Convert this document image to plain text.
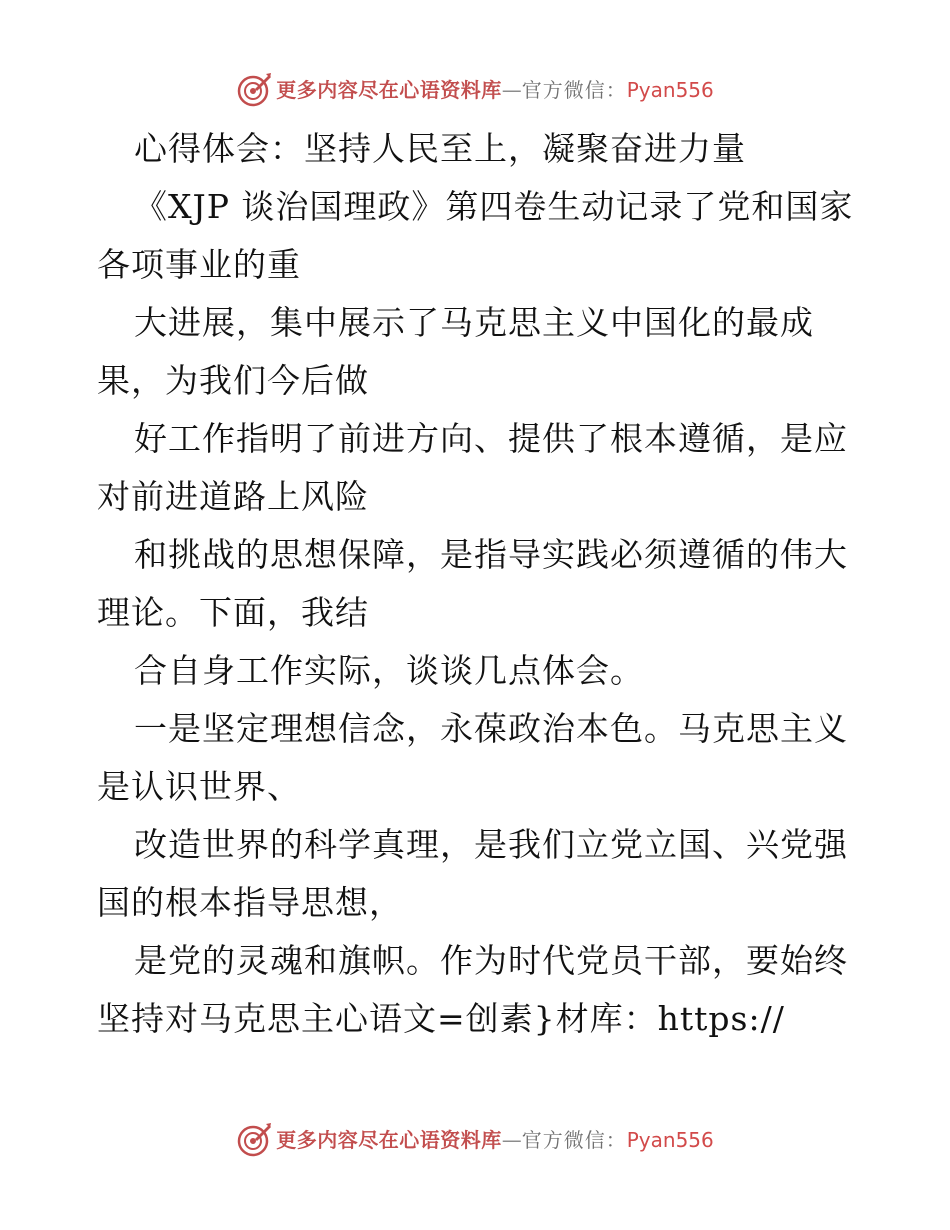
更多内容尽在心语资料库 — 官方微信： Pyan556
心得体会：坚持人民至上，凝聚奋进力量
《XJP 谈治国理政》第四卷生动记录了党和国家
各项事业的重
大进展，集中展示了马克思主义中国化的最成
果，为我们今后做
好工作指明了前进方向、提供了根本遵循，是应
对前进道路上风险
和挑战的思想保障，是指导实践必须遵循的伟大
理论。下面，我结
合自身工作实际，谈谈几点体会。
一是坚定理想信念，永葆政治本色。马克思主义
是认识世界、
改造世界的科学真理，是我们立党立国、兴党强
国的根本指导思想，
是党的灵魂和旗帜。作为时代党员干部，要始终
坚持对马克思主心语文=创素}材库：https://
更多内容尽在心语资料库 — 官方微信： Pyan556
